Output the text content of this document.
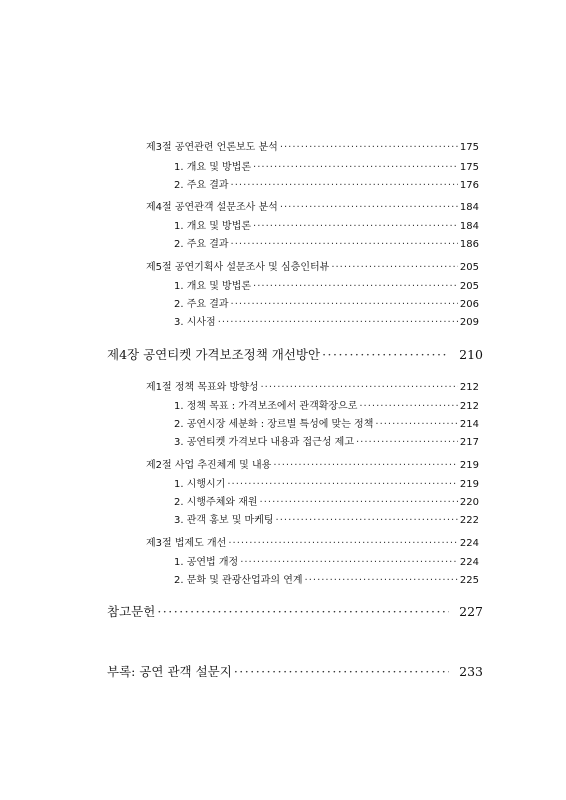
제3절 공연관련 언론보도 분석 ·····	175
1. 개요 및 방법론 ·····	175
2. 주요 결과 ·····	176
제4절 공연관객 설문조사 분석 ·····	184
1. 개요 및 방법론 ·····	184
2. 주요 결과 ·····	186
제5절 공연기획사 설문조사 및 심층인터뷰 ·····	205
1. 개요 및 방법론 ·····	205
2. 주요 결과 ·····	206
3. 시사점 ·····	209
제4장 공연티켓 가격보조정책 개선방안 ·····	210
제1절 정책 목표와 방향성 ·····	212
1. 정책 목표 : 가격보조에서 관객확장으로 ·····	212
2. 공연시장 세분화 : 장르별 특성에 맞는 정책 ·····	214
3. 공연티켓 가격보다 내용과 접근성 제고 ·····	217
제2절 사업 추진체계 및 내용 ·····	219
1. 시행시기 ·····	219
2. 시행주체와 재원 ·····	220
3. 관객 홍보 및 마케팅 ·····	222
제3절 법제도 개선 ·····	224
1. 공연법 개정 ·····	224
2. 문화 및 관광산업과의 연계 ·····	225
참고문헌 ·····	227
부록: 공연 관객 설문지 ·····	233
